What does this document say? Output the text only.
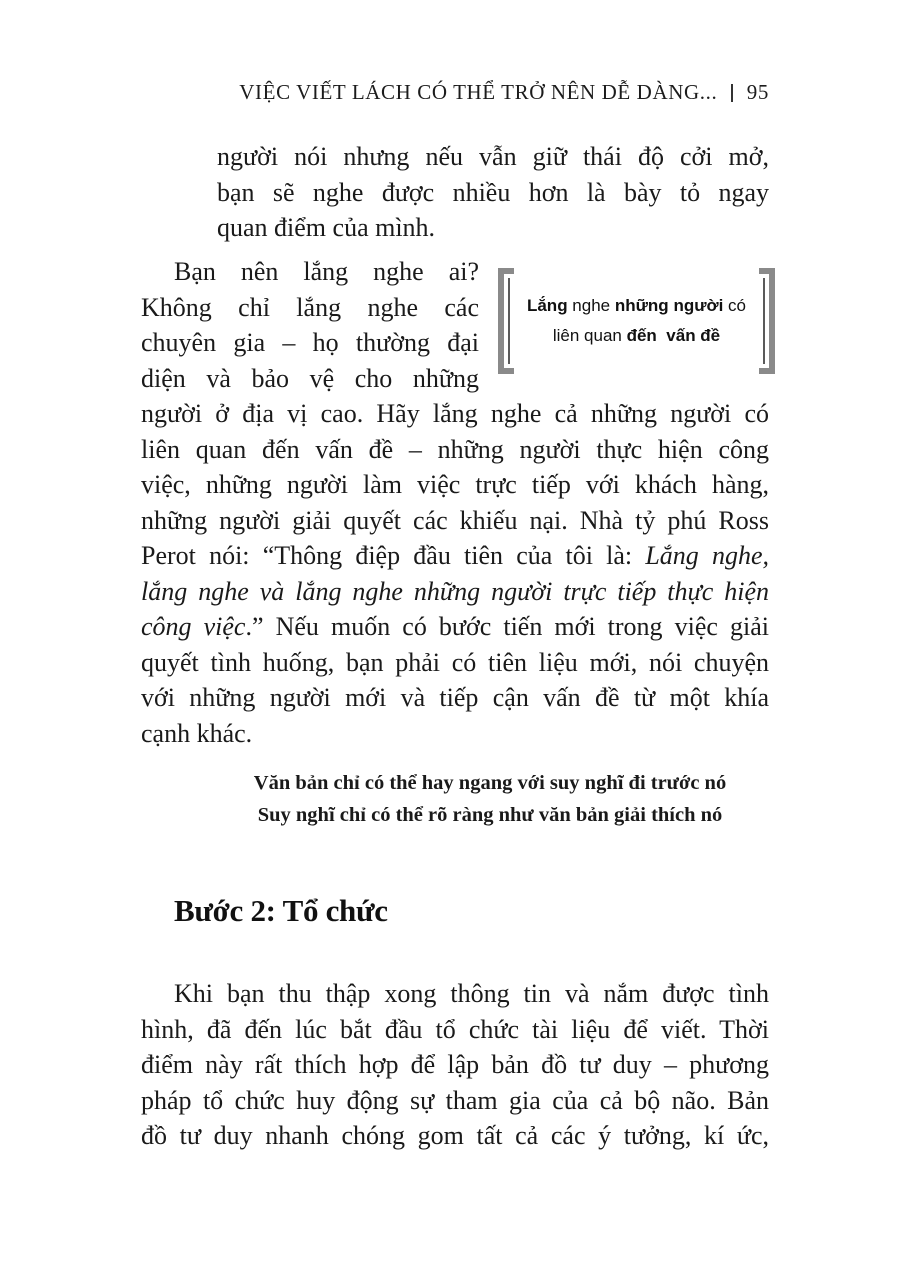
VIỆC VIẾT LÁCH CÓ THỂ TRỞ NÊN DỄ DÀNG... 95
người nói nhưng nếu vẫn giữ thái độ cởi mở,
bạn sẽ nghe được nhiều hơn là bày tỏ ngay
quan điểm của mình.
Bạn nên lắng nghe ai?
Không chỉ lắng nghe các
chuyên gia – họ thường đại
diện và bảo vệ cho những
Lắng nghe những người có
liên quan đến vấn đề
người ở địa vị cao. Hãy lắng nghe cả những người có
liên quan đến vấn đề – những người thực hiện công
việc, những người làm việc trực tiếp với khách hàng,
những người giải quyết các khiếu nại. Nhà tỷ phú Ross
Perot nói: “Thông điệp đầu tiên của tôi là: Lắng nghe,
lắng nghe và lắng nghe những người trực tiếp thực hiện
công việc.” Nếu muốn có bước tiến mới trong việc giải
quyết tình huống, bạn phải có tiên liệu mới, nói chuyện
với những người mới và tiếp cận vấn đề từ một khía
cạnh khác.
Văn bản chỉ có thể hay ngang với suy nghĩ đi trước nó
Suy nghĩ chỉ có thể rõ ràng như văn bản giải thích nó
Bước 2: Tổ chức
Khi bạn thu thập xong thông tin và nắm được tình
hình, đã đến lúc bắt đầu tổ chức tài liệu để viết. Thời
điểm này rất thích hợp để lập bản đồ tư duy – phương
pháp tổ chức huy động sự tham gia của cả bộ não. Bản
đồ tư duy nhanh chóng gom tất cả các ý tưởng, kí ức,
